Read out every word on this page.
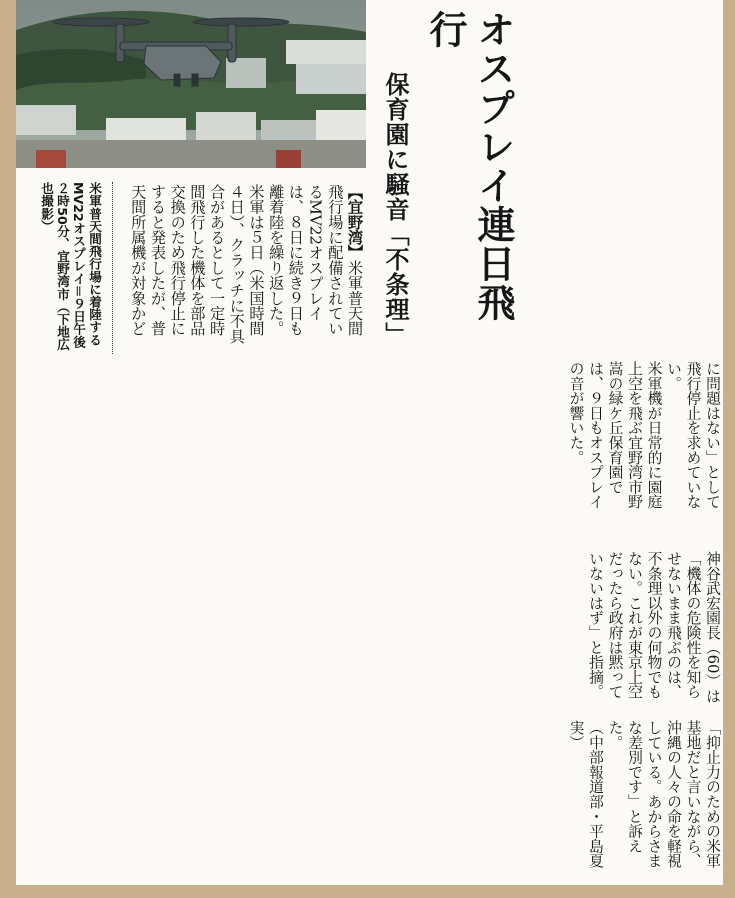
オスプレイ連日飛行
保育園に騒音「不条理」
【宜野湾】米軍普天間飛行場に配備されているMV22オスプレイは、８日に続き９日も離着陸を繰り返した。米軍は５日（米国時間４日）、クラッチに不具合があるとして一定時間飛行した機体を部品交換のため飛行停止にすると発表したが、普天間所属機が対象かど
米軍普天間飛行場に着陸するMV22オスプレイ＝９日午後２時50分、宜野湾市（下地広也撮影）
に問題はない」として飛行停止を求めていない。
米軍機が日常的に園庭上空を飛ぶ宜野湾市野嵩の緑ケ丘保育園では、９日もオスプレイの音が響いた。
神谷武宏園長（60）は「機体の危険性を知らせないまま飛ぶのは、不条理以外の何物でもない。これが東京上空だったら政府は黙っていないはず」と指摘。
「抑止力のための米軍基地だと言いながら、沖縄の人々の命を軽視している。あからさまな差別です」と訴えた。
（中部報道部・平島夏実）
